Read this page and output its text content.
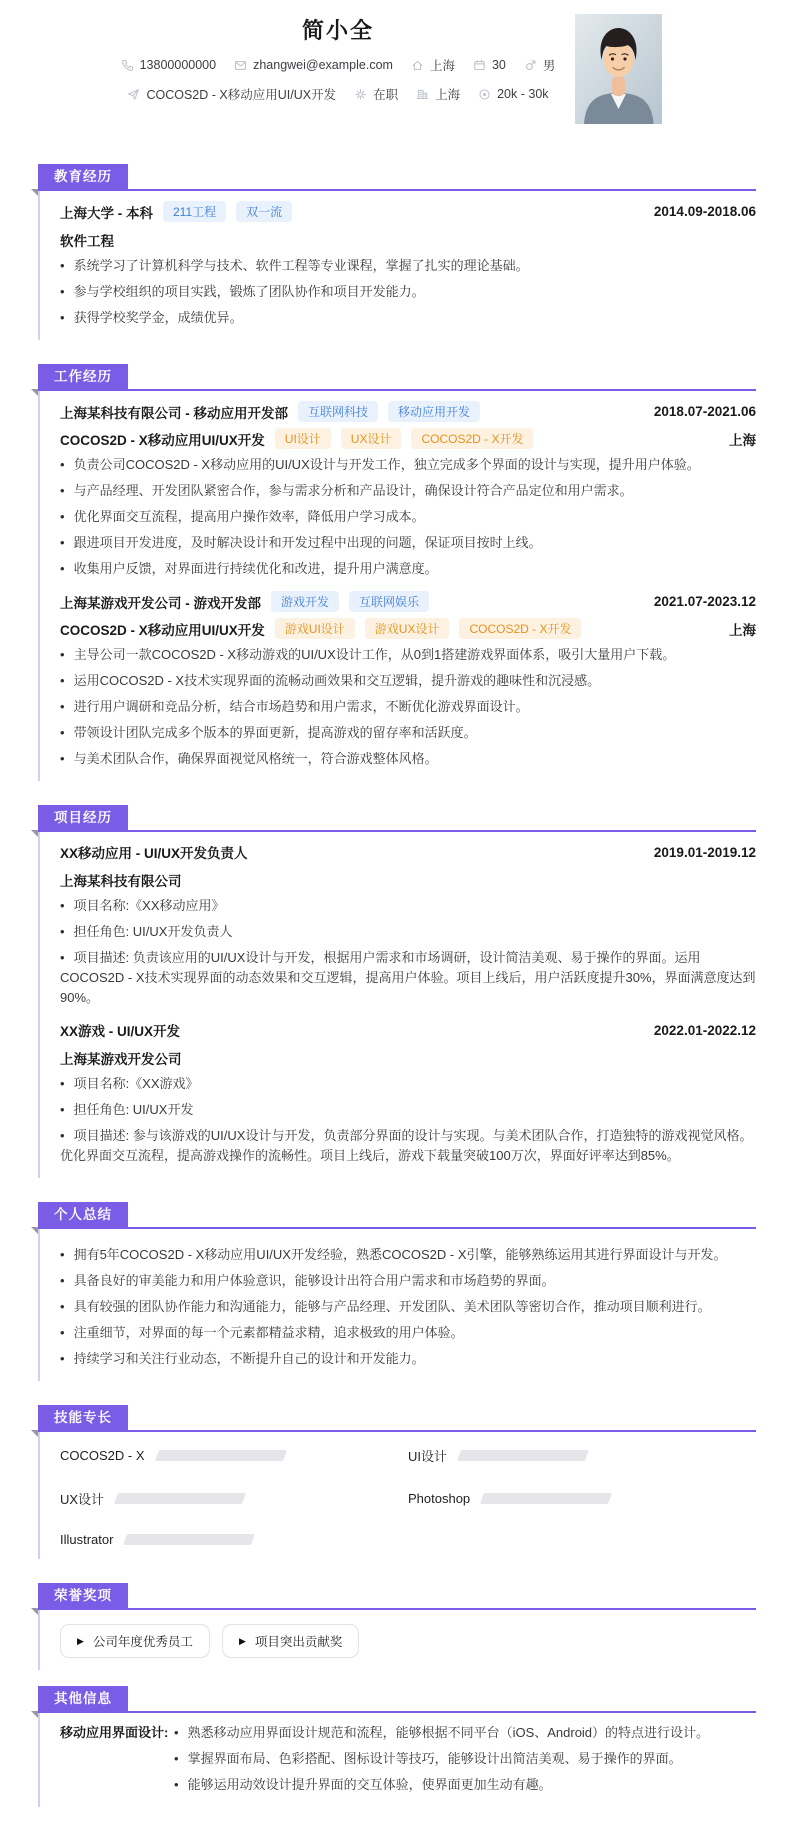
简小全
13800000000	zhangwei@example.com	上海	30	男
COCOS2D - X移动应用UI/UX开发	在职	上海	20k - 30k
教育经历
上海大学 - 本科	211工程	双一流	2014.09-2018.06
软件工程
• 系统学习了计算机科学与技术、软件工程等专业课程，掌握了扎实的理论基础。
• 参与学校组织的项目实践，锻炼了团队协作和项目开发能力。
• 获得学校奖学金，成绩优异。
工作经历
上海某科技有限公司 - 移动应用开发部	互联网科技	移动应用开发	2018.07-2021.06
COCOS2D - X移动应用UI/UX开发	UI设计	UX设计	COCOS2D - X开发	上海
• 负责公司COCOS2D - X移动应用的UI/UX设计与开发工作，独立完成多个界面的设计与实现，提升用户体验。
• 与产品经理、开发团队紧密合作，参与需求分析和产品设计，确保设计符合产品定位和用户需求。
• 优化界面交互流程，提高用户操作效率，降低用户学习成本。
• 跟进项目开发进度，及时解决设计和开发过程中出现的问题，保证项目按时上线。
• 收集用户反馈，对界面进行持续优化和改进，提升用户满意度。
上海某游戏开发公司 - 游戏开发部	游戏开发	互联网娱乐	2021.07-2023.12
COCOS2D - X移动应用UI/UX开发	游戏UI设计	游戏UX设计	COCOS2D - X开发	上海
• 主导公司一款COCOS2D - X移动游戏的UI/UX设计工作，从0到1搭建游戏界面体系，吸引大量用户下载。
• 运用COCOS2D - X技术实现界面的流畅动画效果和交互逻辑，提升游戏的趣味性和沉浸感。
• 进行用户调研和竞品分析，结合市场趋势和用户需求，不断优化游戏界面设计。
• 带领设计团队完成多个版本的界面更新，提高游戏的留存率和活跃度。
• 与美术团队合作，确保界面视觉风格统一，符合游戏整体风格。
项目经历
XX移动应用 - UI/UX开发负责人	2019.01-2019.12
上海某科技有限公司
• 项目名称:《XX移动应用》
• 担任角色: UI/UX开发负责人
• 项目描述: 负责该应用的UI/UX设计与开发，根据用户需求和市场调研，设计简洁美观、易于操作的界面。运用COCOS2D - X技术实现界面的动态效果和交互逻辑，提高用户体验。项目上线后，用户活跃度提升30%，界面满意度达到90%。
XX游戏 - UI/UX开发	2022.01-2022.12
上海某游戏开发公司
• 项目名称:《XX游戏》
• 担任角色: UI/UX开发
• 项目描述: 参与该游戏的UI/UX设计与开发，负责部分界面的设计与实现。与美术团队合作，打造独特的游戏视觉风格。优化界面交互流程，提高游戏操作的流畅性。项目上线后，游戏下载量突破100万次，界面好评率达到85%。
个人总结
• 拥有5年COCOS2D - X移动应用UI/UX开发经验，熟悉COCOS2D - X引擎，能够熟练运用其进行界面设计与开发。
• 具备良好的审美能力和用户体验意识，能够设计出符合用户需求和市场趋势的界面。
• 具有较强的团队协作能力和沟通能力，能够与产品经理、开发团队、美术团队等密切合作，推动项目顺利进行。
• 注重细节，对界面的每一个元素都精益求精，追求极致的用户体验。
• 持续学习和关注行业动态，不断提升自己的设计和开发能力。
技能专长
COCOS2D - X	UI设计
UX设计	Photoshop
Illustrator
荣誉奖项
▶ 公司年度优秀员工	▶ 项目突出贡献奖
其他信息
移动应用界面设计: • 熟悉移动应用界面设计规范和流程，能够根据不同平台（iOS、Android）的特点进行设计。
• 掌握界面布局、色彩搭配、图标设计等技巧，能够设计出简洁美观、易于操作的界面。
• 能够运用动效设计提升界面的交互体验，使界面更加生动有趣。
